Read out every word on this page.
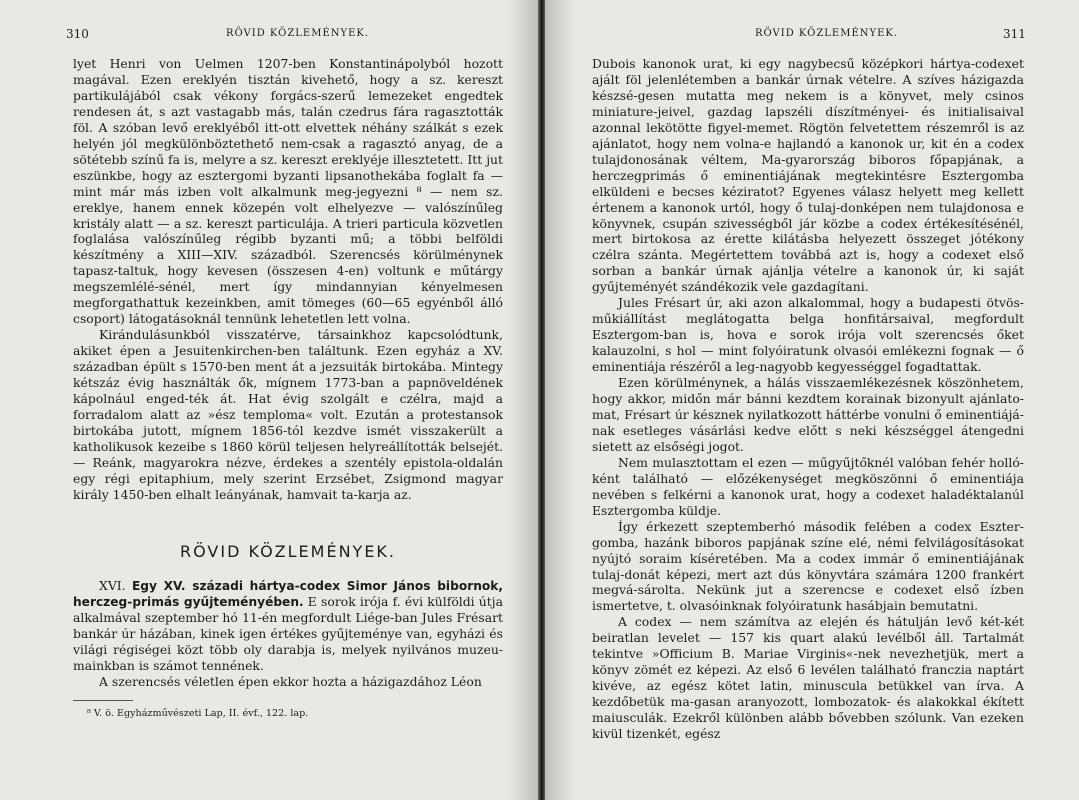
310	RÖVID KÖZLEMÉNYEK.

lyet Henri von Uelmen 1207-ben Konstantinápolyból hozott magával. Ezen ereklyén tisztán kivehető, hogy a sz. kereszt partikulájából csak vékony forgács-szerű lemezeket engedtek rendesen át, s azt vastagabb más, talán czedrus fára ragasztották föl. A szóban levő ereklyéből itt-ott elvettek néhány szálkát s ezek helyén jól megkülönböztethető nem-csak a ragasztó anyag, de a sötétebb színű fa is, melyre a sz. kereszt ereklyéje illesztetett. Itt jut eszünkbe, hogy az esztergomi byzanti lipsanothekába foglalt fa — mint már más izben volt alkalmunk meg-jegyezni ⁸ — nem sz. ereklye, hanem ennek közepén volt elhelyezve — valószínűleg kristály alatt — a sz. kereszt particulája. A trieri particula közvetlen foglalása valószínűleg régibb byzanti mű; a többi belföldi készítmény a XIII—XIV. századból. Szerencsés körülménynek tapasz-taltuk, hogy kevesen (összesen 4-en) voltunk e műtárgy megszemlélé-sénél, mert így mindannyian kényelmesen megforgathattuk kezeinkben, amit tömeges (60—65 egyénből álló csoport) látogatásoknál tennünk lehetetlen lett volna.

Kirándulásunkból visszatérve, társainkhoz kapcsolódtunk, akiket épen a Jesuitenkirchen-ben találtunk. Ezen egyház a XV. században épült s 1570-ben ment át a jezsuiták birtokába. Mintegy kétszáz évig használták ők, mígnem 1773-ban a papnöveldének kápolnául enged-ték át. Hat évig szolgált e czélra, majd a forradalom alatt az »ész temploma« volt. Ezután a protestansok birtokába jutott, mígnem 1856-tól kezdve ismét visszakerült a katholikusok kezeibe s 1860 körül teljesen helyreállították belsejét. — Reánk, magyarokra nézve, érdekes a szentély epistola-oldalán egy régi epitaphium, mely szerint Erzsébet, Zsigmond magyar király 1450-ben elhalt leányának, hamvait ta-karja az.

RÖVID KÖZLEMÉNYEK.

XVI. Egy XV. századi hártya-codex Simor János bibornok, herczeg-primás gyűjteményében. E sorok irója f. évi külföldi útja alkalmával szeptember hó 11-én megfordult Liége-ban Jules Frésart bankár úr házában, kinek igen értékes gyűjteménye van, egyházi és világi régiségei közt több oly darabja is, melyek nyilvános muzeu-mainkban is számot tennének.

A szerencsés véletlen épen ekkor hozta a házigazdához Léon

⁸ V. ö. Egyházművészeti Lap, II. évf., 122. lap.
RÖVID KÖZLEMÉNYEK.	311

Dubois kanonok urat, ki egy nagybecsű középkori hártya-codexet ajált föl jelenlétemben a bankár úrnak vételre. A szíves házigazda készsé-gesen mutatta meg nekem is a könyvet, mely csinos miniature-jeivel, gazdag lapszéli díszítményei- és initialisaival azonnal lekötötte figyel-memet. Rögtön felvetettem részemről is az ajánlatot, hogy nem volna-e hajlandó a kanonok ur, kit én a codex tulajdonosának véltem, Ma-gyarország biboros főpapjának, a herczegprimás ő eminentiájának megtekintésre Esztergomba elküldeni e becses kéziratot? Egyenes válasz helyett meg kellett értenem a kanonok urtól, hogy ő tulaj-donképen nem tulajdonosa e könyvnek, csupán szivességből jár közbe a codex értékesítésénél, mert birtokosa az érette kilátásba helyezett összeget jótékony czélra szánta. Megértettem továbbá azt is, hogy a codexet első sorban a bankár úrnak ajánlja vételre a kanonok úr, ki saját gyűjteményét szándékozik vele gazdagítani.

Jules Frésart úr, aki azon alkalommal, hogy a budapesti ötvös-műkiállítást meglátogatta belga honfitársaival, megfordult Esztergom-ban is, hova e sorok irója volt szerencsés őket kalauzolni, s hol — mint folyóiratunk olvasói emlékezni fognak — ő eminentiája részéről a leg-nagyobb kegyességgel fogadtattak.

Ezen körülménynek, a hálás visszaemlékezésnek köszönhetem, hogy akkor, midőn már bánni kezdtem korainak bizonyult ajánlato-mat, Frésart úr késznek nyilatkozott háttérbe vonulni ő eminentiájá-nak esetleges vásárlási kedve előtt s neki készséggel átengedni sietett az elsőségi jogot.

Nem mulasztottam el ezen — műgyűjtőknél valóban fehér holló-ként található — előzékenységet megköszönni ő eminentiája nevében s felkérni a kanonok urat, hogy a codexet haladéktalanúl Esztergomba küldje.

Így érkezett szeptemberhó második felében a codex Eszter-gomba, hazánk biboros papjának színe elé, némi felvilágosításokat nyújtó soraim kíséretében. Ma a codex immár ő eminentiájának tulaj-donát képezi, mert azt dús könyvtára számára 1200 frankért megvá-sárolta. Nekünk jut a szerencse e codexet első ízben ismertetve, t. olvasóinknak folyóiratunk hasábjain bemutatni.

A codex — nem számítva az elején és hátulján levő két-két beiratlan levelet — 157 kis quart alakú levélből áll. Tartalmát tekintve »Officium B. Mariae Virginis«-nek nevezhetjük, mert a könyv zömét ez képezi. Az első 6 levélen található franczia naptárt kivéve, az egész kötet latin, minuscula betükkel van írva. A kezdőbetük ma-gasan aranyozott, lombozatok- és alakokkal ékített maiusculák. Ezekről különben alább bővebben szólunk. Van ezeken kivül tizenkét, egész
